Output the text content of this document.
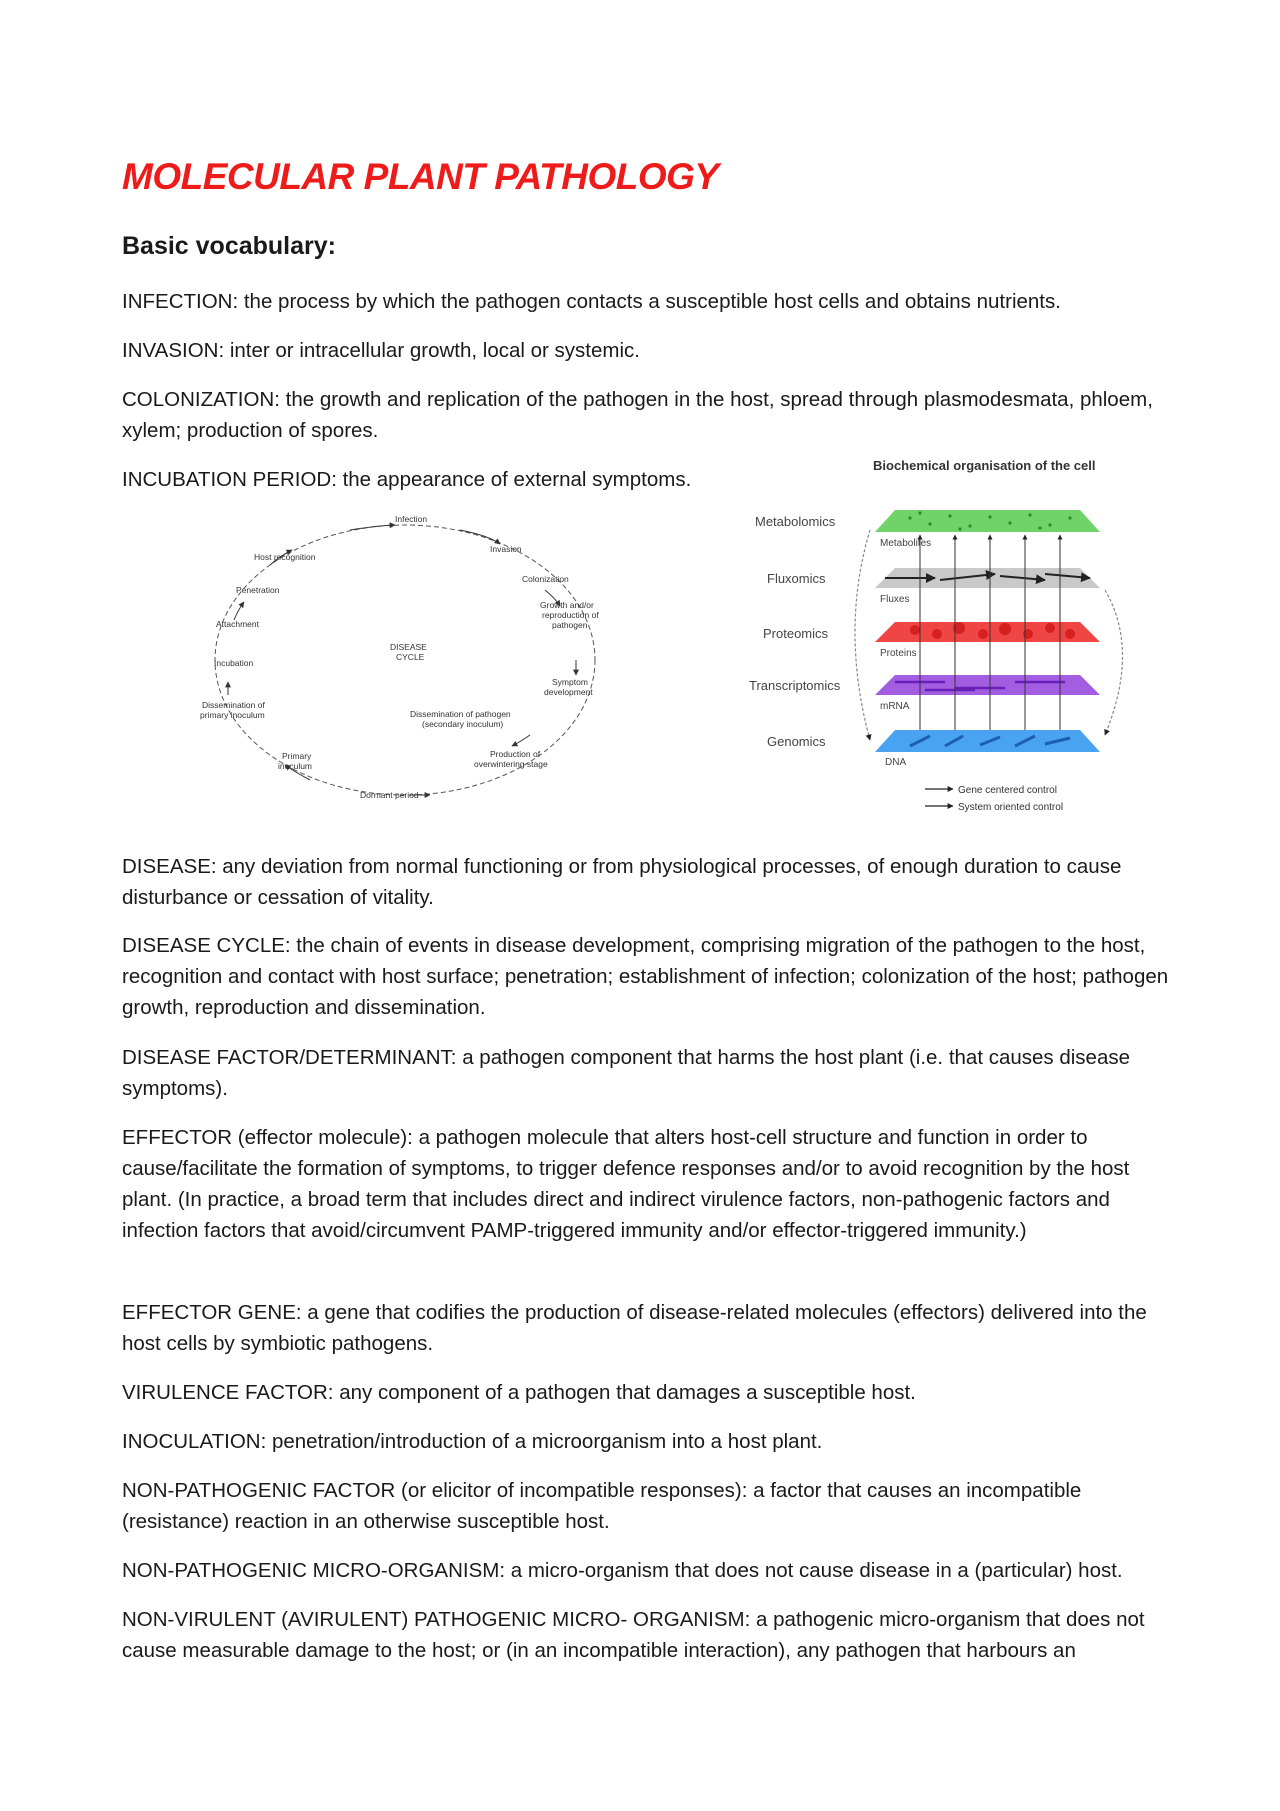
MOLECULAR PLANT PATHOLOGY
Basic vocabulary:

INFECTION: the process by which the pathogen contacts a susceptible host cells and obtains nutrients.

INVASION: inter or intracellular growth, local or systemic.

COLONIZATION: the growth and replication of the pathogen in the host, spread through plasmodesmata, phloem, xylem; production of spores.

INCUBATION PERIOD: the appearance of external symptoms.

Infection
Invasion
Colonization
Growth and/or
reproduction of
pathogen
Symptom
development
Dissemination of pathogen
(secondary inoculum)
Production of
overwintering stage
Dormant period
Primary
inoculum
Dissemination of
primary inoculum
Incubation
Attachment
Penetration
Host recognition
DISEASE
CYCLE
Biochemical organisation of the cell
Metabolomics
Fluxomics
Proteomics
Transcriptomics
Genomics
Metabolites
Fluxes
Proteins
mRNA
DNA
Gene centered control
System oriented control

DISEASE: any deviation from normal functioning or from physiological processes, of enough duration to cause disturbance or cessation of vitality.

DISEASE CYCLE: the chain of events in disease development, comprising migration of the pathogen to the host, recognition and contact with host surface; penetration; establishment of infection; colonization of the host; pathogen growth, reproduction and dissemination.

DISEASE FACTOR/DETERMINANT: a pathogen component that harms the host plant (i.e. that causes disease symptoms).

EFFECTOR (effector molecule): a pathogen molecule that alters host-cell structure and function in order to cause/facilitate the formation of symptoms, to trigger defence responses and/or to avoid recognition by the host plant. (In practice, a broad term that includes direct and indirect virulence factors, non-pathogenic factors and infection factors that avoid/circumvent PAMP-triggered immunity and/or effector-triggered immunity.)

EFFECTOR GENE: a gene that codifies the production of disease-related molecules (effectors) delivered into the host cells by symbiotic pathogens.

VIRULENCE FACTOR: any component of a pathogen that damages a susceptible host.

INOCULATION: penetration/introduction of a microorganism into a host plant.

NON-PATHOGENIC FACTOR (or elicitor of incompatible responses): a factor that causes an incompatible (resistance) reaction in an otherwise susceptible host.

NON-PATHOGENIC MICRO-ORGANISM: a micro-organism that does not cause disease in a (particular) host.

NON-VIRULENT (AVIRULENT) PATHOGENIC MICRO- ORGANISM: a pathogenic micro-organism that does not cause measurable damage to the host; or (in an incompatible interaction), any pathogen that harbours an
